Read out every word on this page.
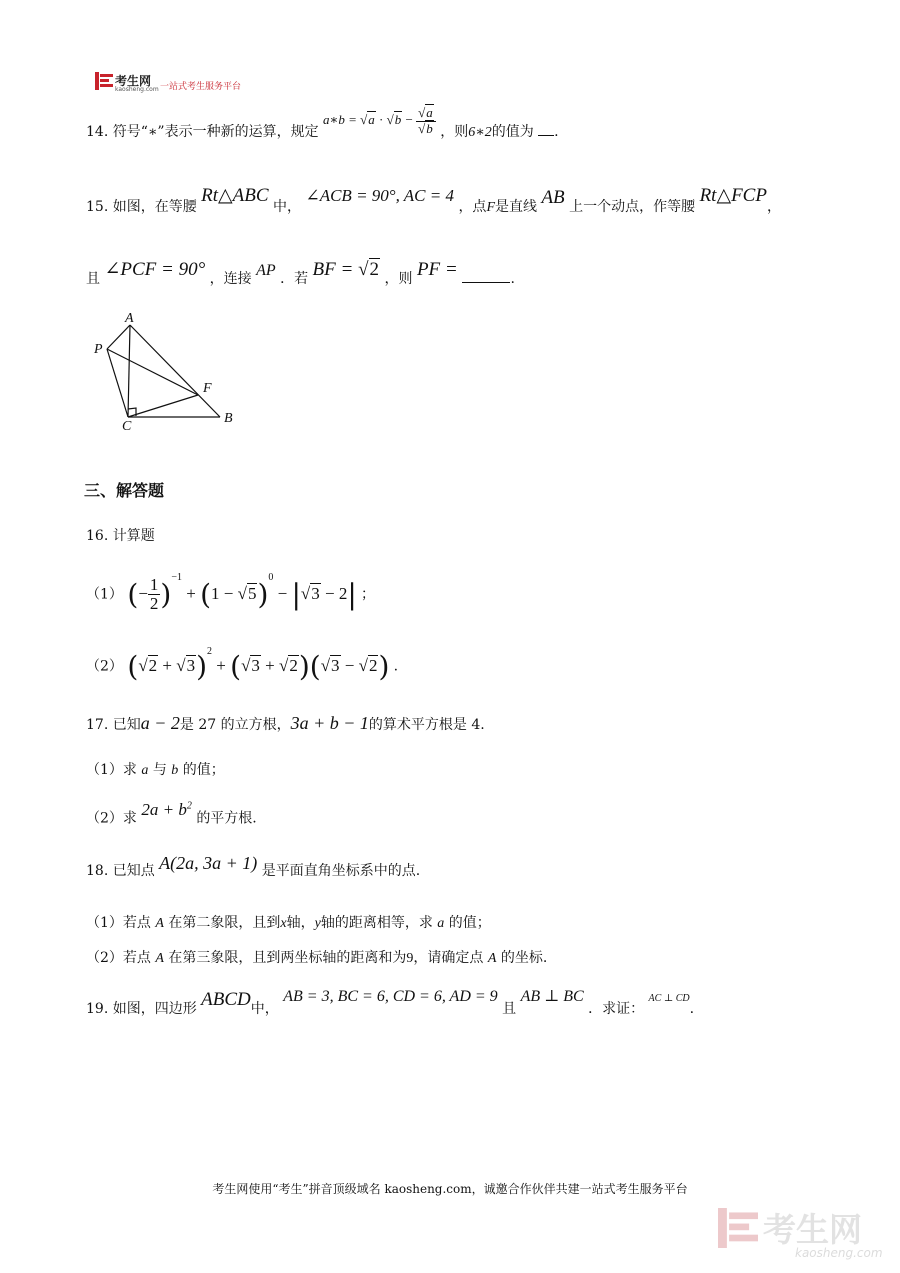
考生网
kaosheng.com 一站式考生服务平台
14. 符号“∗”表示一种新的运算，规定 a∗b = $√a \cdot √b - \frac{√a}{√b}$ ，则6∗2的值为 .
15. 如图，在等腰 Rt△ABC 中， ∠ACB = 90°, AC = 4 ，点F是直线 AB 上一个动点，作等腰 Rt△FCP，
且 ∠PCF = 90° ，连接 AP ．若 BF = √2 ，则 PF =	.
A
P
F
C
B
三、解答题
16. 计算题
（1） (− $\frac{1}{2} )^{-1} + (1 - √5)^0 - |√3 - 2|$ ；
（2） $(√2 + √3)^2 + (√3 + √2)(√3 - √2)$ .
17. 已知a − 2是 27 的立方根，3a + b − 1的算术平方根是 4.
（1）求 a 与 b 的值；
（2）求 $2a + b^2$ 的平方根.
18. 已知点 A(2a, 3a + 1) 是平面直角坐标系中的点.
（1）若点 A 在第二象限，且到x轴，y轴的距离相等，求 a 的值；
（2）若点 A 在第三象限，且到两坐标轴的距离和为9，请确定点 A 的坐标.
19. 如图，四边形 ABCD中， AB = 3, BC = 6, CD = 6, AD = 9 且 AB ⊥ BC ．求证： $^{AC \perp CD}$.
考生网使用“考生”拼音顶级域名 kaosheng.com，诚邀合作伙伴共建一站式考生服务平台
考生网
kaosheng.com
